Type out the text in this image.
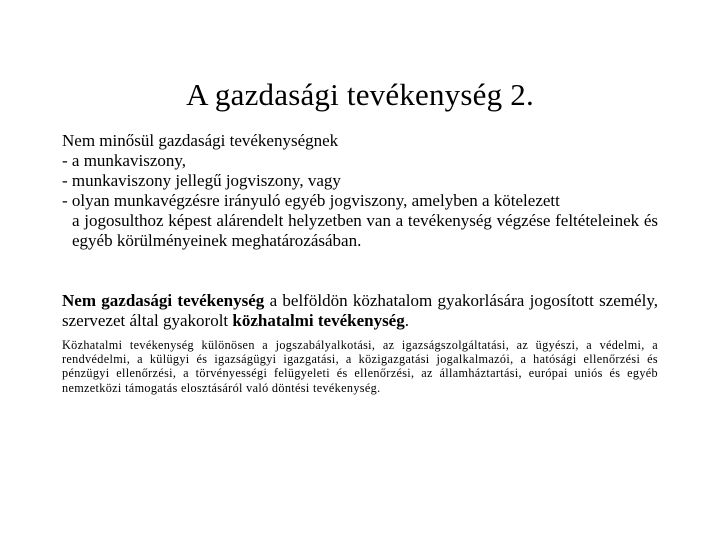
A gazdasági tevékenység 2.
Nem minősül gazdasági tevékenységnek
- a munkaviszony,
- munkaviszony jellegű jogviszony, vagy
- olyan munkavégzésre irányuló egyéb jogviszony, amelyben a kötelezett
a jogosulthoz képest alárendelt helyzetben van a tevékenység végzése feltételeinek és egyéb körülményeinek meghatározásában.
Nem gazdasági tevékenység a belföldön közhatalom gyakorlására jogosított személy, szervezet által gyakorolt közhatalmi tevékenység.
Közhatalmi tevékenység különösen a jogszabályalkotási, az igazságszolgáltatási, az ügyészi, a védelmi, a rendvédelmi, a külügyi és igazságügyi igazgatási, a közigazgatási jogalkalmazói, a hatósági ellenőrzési és pénzügyi ellenőrzési, a törvényességi felügyeleti és ellenőrzési, az államháztartási, európai uniós és egyéb nemzetközi támogatás elosztásáról való döntési tevékenység.
